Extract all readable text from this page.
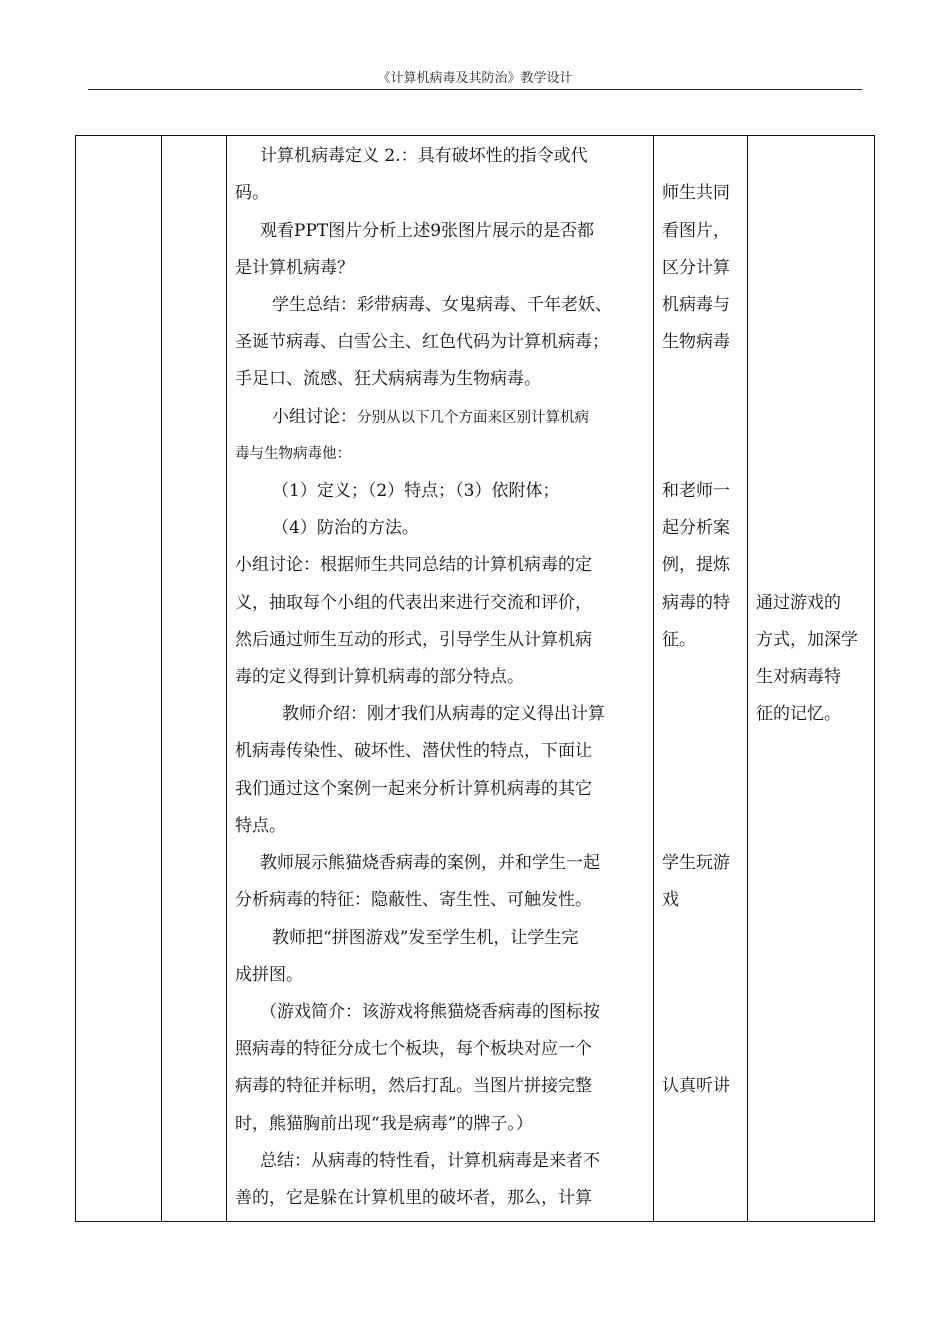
《计算机病毒及其防治》教学设计
计算机病毒定义 2.：具有破坏性的指令或代
码。
观看PPT图片分析上述9张图片展示的是否都
是计算机病毒？
学生总结：彩带病毒、女鬼病毒、千年老妖、
圣诞节病毒、白雪公主、红色代码为计算机病毒；
手足口、流感、狂犬病病毒为生物病毒。
小组讨论：分别从以下几个方面来区别计算机病
毒与生物病毒他：
（1）定义；（2）特点；（3）依附体；
（4）防治的方法。
小组讨论：根据师生共同总结的计算机病毒的定
义，抽取每个小组的代表出来进行交流和评价，
然后通过师生互动的形式，引导学生从计算机病
毒的定义得到计算机病毒的部分特点。
教师介绍：刚才我们从病毒的定义得出计算
机病毒传染性、破坏性、潜伏性的特点，下面让
我们通过这个案例一起来分析计算机病毒的其它
特点。
教师展示熊猫烧香病毒的案例，并和学生一起
分析病毒的特征：隐蔽性、寄生性、可触发性。
教师把“拼图游戏”发至学生机，让学生完
成拼图。
（游戏简介：该游戏将熊猫烧香病毒的图标按
照病毒的特征分成七个板块，每个板块对应一个
病毒的特征并标明，然后打乱。当图片拼接完整
时，熊猫胸前出现“我是病毒”的牌子。）
总结：从病毒的特性看，计算机病毒是来者不
善的，它是躲在计算机里的破坏者，那么，计算
师生共同
看图片，
区分计算
机病毒与
生物病毒
和老师一
起分析案
例，提炼
病毒的特
征。
学生玩游
戏
认真听讲
通过游戏的
方式，加深学
生对病毒特
征的记忆。
